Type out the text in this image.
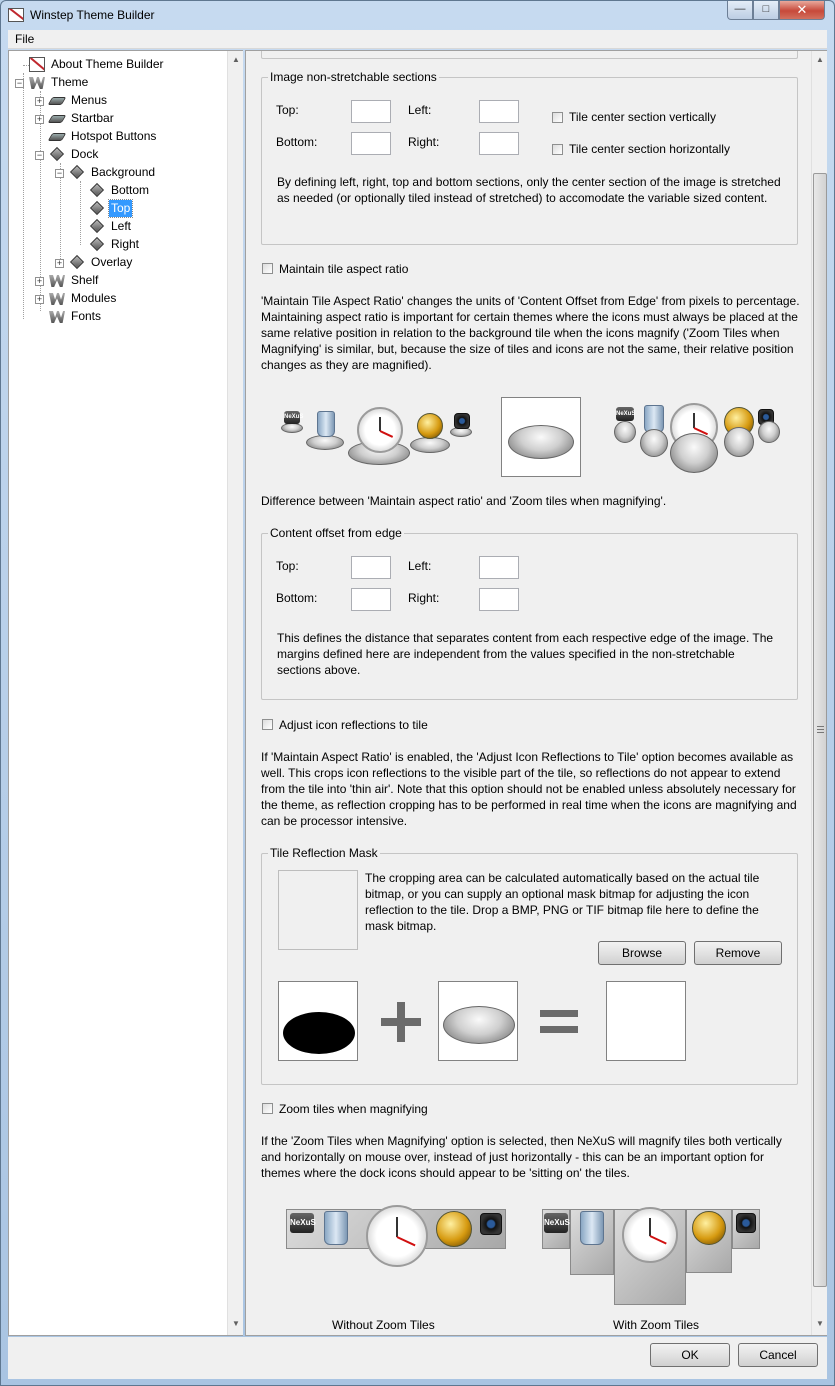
Winstep Theme Builder	—	□	✕
File
−
+
+
−
−
+
+
+
About Theme Builder
Theme
Menus
Startbar
Hotspot Buttons
Dock
Background
Bottom
Top
Left
Right
Overlay
Shelf
Modules
Fonts
▲
▼
Image non-stretchable sections
Top:	Left:	Tile center section vertically
Bottom:	Right:	Tile center section horizontally
By defining left, right, top and bottom sections, only the center section of the image is stretched as needed (or optionally tiled instead of stretched) to accomodate the variable sized content.
Maintain tile aspect ratio
'Maintain Tile Aspect Ratio' changes the units of 'Content Offset from Edge' from pixels to percentage. Maintaining aspect ratio is important for certain themes where the icons must always be placed at the same relative position in relation to the background tile when the icons magnify ('Zoom Tiles when Magnifying' is similar, but, because the size of tiles and icons are not the same, their relative position changes as they are magnified).
NeXuS	NeXuS
Difference between 'Maintain aspect ratio' and 'Zoom tiles when magnifying'.
Content offset from edge
Top:	Left:
Bottom:	Right:
This defines the distance that separates content from each respective edge of the image. The margins defined here are independent from the values specified in the non-stretchable sections above.
Adjust icon reflections to tile
If 'Maintain Aspect Ratio' is enabled, the 'Adjust Icon Reflections to Tile' option becomes available as well. This crops icon reflections to the visible part of the tile, so reflections do not appear to extend from the tile into 'thin air'. Note that this option should not be enabled unless absolutely necessary for the theme, as reflection cropping has to be performed in real time when the icons are magnifying and can be processor intensive.
Tile Reflection Mask
The cropping area can be calculated automatically based on the actual tile bitmap, or you can supply an optional mask bitmap for adjusting the icon reflection to the tile. Drop a BMP, PNG or TIF bitmap file here to define the mask bitmap.
Browse	Remove
Zoom tiles when magnifying
If the 'Zoom Tiles when Magnifying' option is selected, then NeXuS will magnify tiles both vertically and horizontally on mouse over, instead of just horizontally - this can be an important option for themes where the dock icons should appear to be 'sitting on' the tiles.
NeXuS
Without Zoom Tiles
NeXuS
With Zoom Tiles
▲
▼
OK	Cancel
